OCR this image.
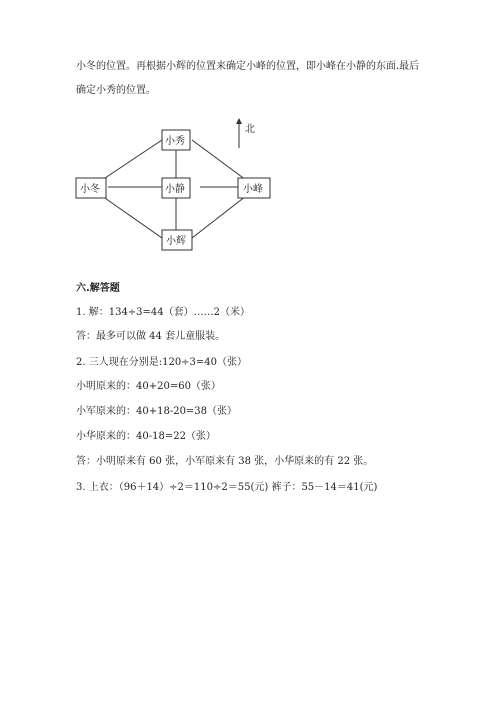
小冬的位置。再根据小辉的位置来确定小峰的位置，即小峰在小静的东面.最后
确定小秀的位置。
北
小秀
小冬	小静	小峰
小辉
六.解答题
1. 解：134÷3=44（套）……2（米）
答：最多可以做 44 套儿童服装。
2. 三人现在分别是:120÷3=40（张）
小明原来的：40+20=60（张）
小军原来的：40+18-20=38（张）
小华原来的：40-18=22（张）
答：小明原来有 60 张，小军原来有 38 张，小华原来的有 22 张。
3. 上衣：（96＋14）÷2＝110÷2＝55(元) 裤子：55－14＝41(元)
